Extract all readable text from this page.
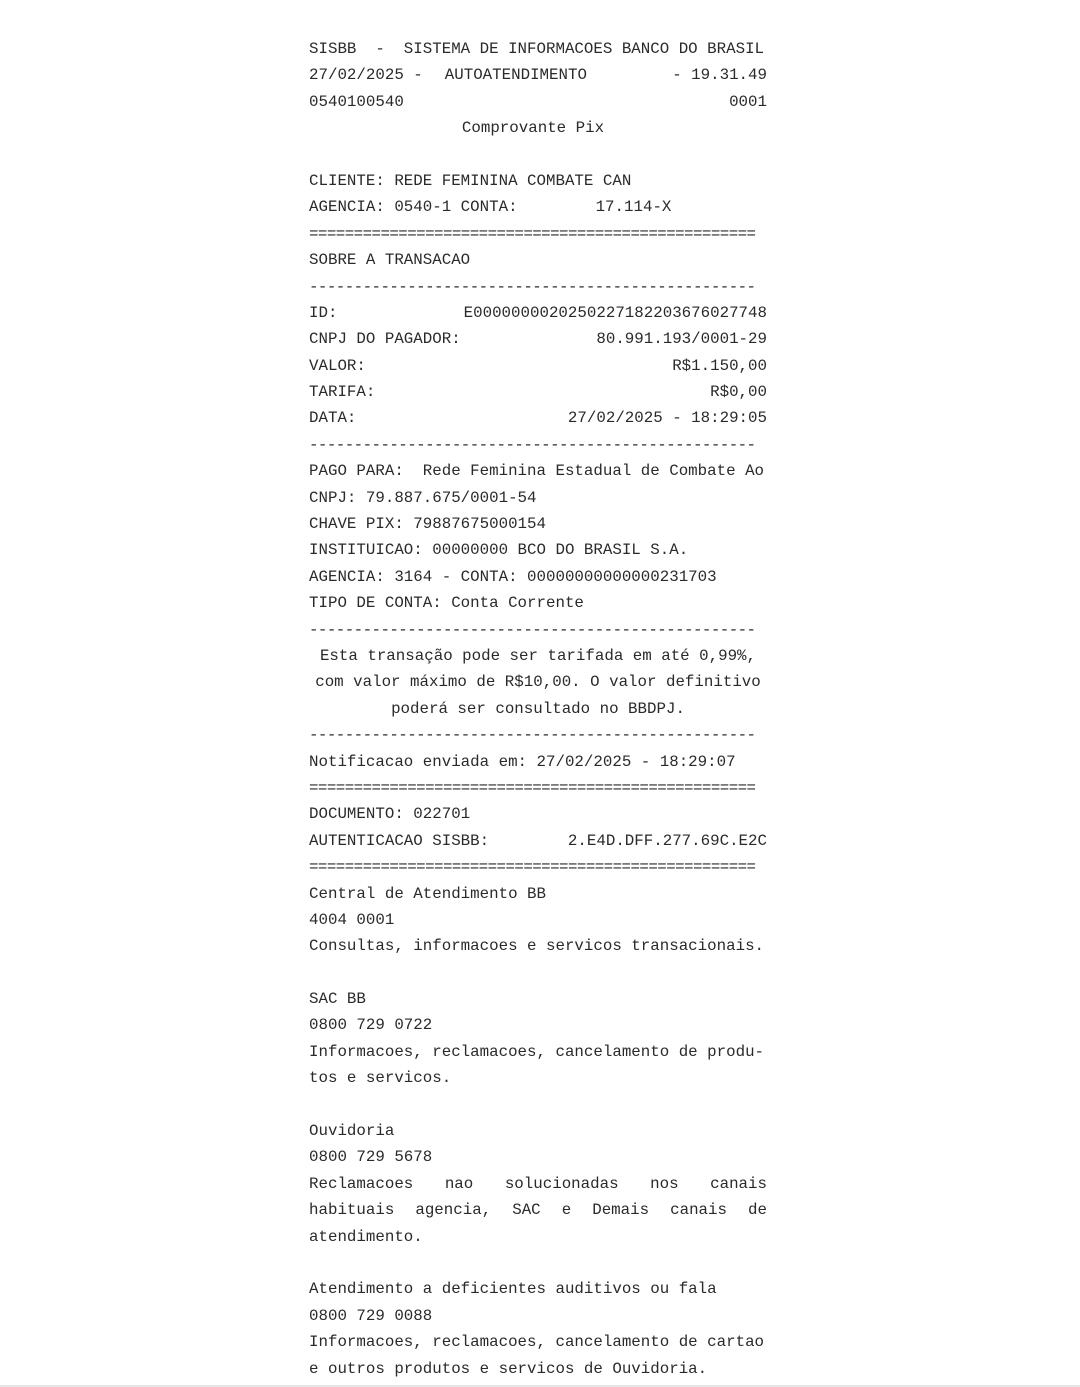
SISBB  -  SISTEMA DE INFORMACOES BANCO DO BRASIL
27/02/2025 - AUTOATENDIMENTO	- 19.31.49
0540100540	0001
Comprovante Pix
CLIENTE: REDE FEMININA COMBATE CAN
AGENCIA: 0540-1 CONTA:	17.114-X
==================================================
SOBRE A TRANSACAO
--------------------------------------------------
ID:	E0000000020250227182203676027748
CNPJ DO PAGADOR:	80.991.193/0001-29
VALOR:	R$1.150,00
TARIFA:	R$0,00
DATA:	27/02/2025 - 18:29:05
--------------------------------------------------
PAGO PARA:  Rede Feminina Estadual de Combate Ao
CNPJ: 79.887.675/0001-54
CHAVE PIX: 79887675000154
INSTITUICAO: 00000000 BCO DO BRASIL S.A.
AGENCIA: 3164 - CONTA: 00000000000000231703
TIPO DE CONTA: Conta Corrente
--------------------------------------------------
Esta transação pode ser tarifada em até 0,99%,
com valor máximo de R$10,00. O valor definitivo
poderá ser consultado no BBDPJ.
--------------------------------------------------
Notificacao enviada em: 27/02/2025 - 18:29:07
==================================================
DOCUMENTO: 022701
AUTENTICACAO SISBB:	2.E4D.DFF.277.69C.E2C
==================================================
Central de Atendimento BB
4004 0001
Consultas, informacoes e servicos transacionais.
SAC BB
0800 729 0722
Informacoes, reclamacoes, cancelamento de produ-
tos e servicos.
Ouvidoria
0800 729 5678
Reclamacoes nao solucionadas nos canais
habituais agencia, SAC e Demais canais de
atendimento.
Atendimento a deficientes auditivos ou fala
0800 729 0088
Informacoes, reclamacoes, cancelamento de cartao
e outros produtos e servicos de Ouvidoria.
